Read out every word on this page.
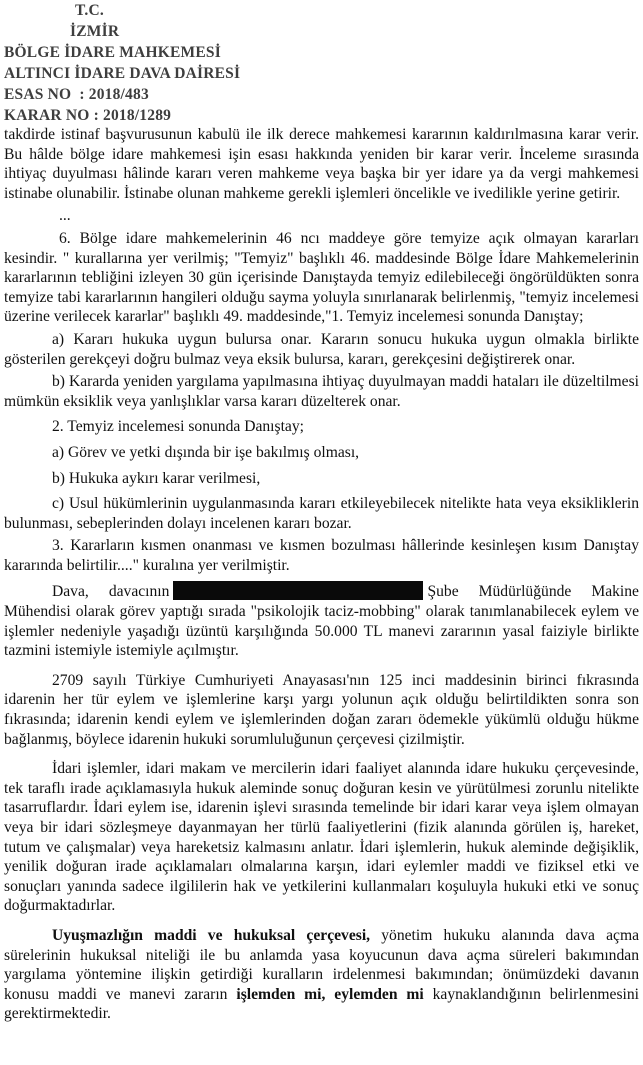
T.C.
İZMİR
BÖLGE İDARE MAHKEMESİ
ALTINCI İDARE DAVA DAİRESİ
ESAS NO : 2018/483
KARAR NO : 2018/1289

takdirde istinaf başvurusunun kabulü ile ilk derece mahkemesi kararının kaldırılmasına karar verir. Bu hâlde bölge idare mahkemesi işin esası hakkında yeniden bir karar verir. İnceleme sırasında ihtiyaç duyulması hâlinde kararı veren mahkeme veya başka bir yer idare ya da vergi mahkemesi istinabe olunabilir. İstinabe olunan mahkeme gerekli işlemleri öncelikle ve ivedilikle yerine getirir.

...

6. Bölge idare mahkemelerinin 46 ncı maddeye göre temyize açık olmayan kararları kesindir. " kurallarına yer verilmiş; "Temyiz" başlıklı 46. maddesinde Bölge İdare Mahkemelerinin kararlarının tebliğini izleyen 30 gün içerisinde Danıştayda temyiz edilebileceği öngörüldükten sonra temyize tabi kararlarının hangileri olduğu sayma yoluyla sınırlanarak belirlenmiş, "temyiz incelemesi üzerine verilecek kararlar" başlıklı 49. maddesinde,"1. Temyiz incelemesi sonunda Danıştay;

a) Kararı hukuka uygun bulursa onar. Kararın sonucu hukuka uygun olmakla birlikte gösterilen gerekçeyi doğru bulmaz veya eksik bulursa, kararı, gerekçesini değiştirerek onar.

b) Kararda yeniden yargılama yapılmasına ihtiyaç duyulmayan maddi hataları ile düzeltilmesi mümkün eksiklik veya yanlışlıklar varsa kararı düzelterek onar.

2. Temyiz incelemesi sonunda Danıştay;

a) Görev ve yetki dışında bir işe bakılmış olması,

b) Hukuka aykırı karar verilmesi,

c) Usul hükümlerinin uygulanmasında kararı etkileyebilecek nitelikte hata veya eksikliklerin bulunması, sebeplerinden dolayı incelenen kararı bozar.

3. Kararların kısmen onanması ve kısmen bozulması hâllerinde kesinleşen kısım Danıştay kararında belirtilir...." kuralına yer verilmiştir.

Dava, davacının	Şube Müdürlüğünde Makine Mühendisi olarak görev yaptığı sırada "psikolojik taciz-mobbing" olarak tanımlanabilecek eylem ve işlemler nedeniyle yaşadığı üzüntü karşılığında 50.000 TL manevi zararının yasal faiziyle birlikte tazmini istemiyle istemiyle açılmıştır.

2709 sayılı Türkiye Cumhuriyeti Anayasası'nın 125 inci maddesinin birinci fıkrasında idarenin her tür eylem ve işlemlerine karşı yargı yolunun açık olduğu belirtildikten sonra son fıkrasında; idarenin kendi eylem ve işlemlerinden doğan zararı ödemekle yükümlü olduğu hükme bağlanmış, böylece idarenin hukuki sorumluluğunun çerçevesi çizilmiştir.

İdari işlemler, idari makam ve mercilerin idari faaliyet alanında idare hukuku çerçevesinde, tek taraflı irade açıklamasıyla hukuk aleminde sonuç doğuran kesin ve yürütülmesi zorunlu nitelikte tasarruflardır. İdari eylem ise, idarenin işlevi sırasında temelinde bir idari karar veya işlem olmayan veya bir idari sözleşmeye dayanmayan her türlü faaliyetlerini (fizik alanında görülen iş, hareket, tutum ve çalışmalar) veya hareketsiz kalmasını anlatır. İdari işlemlerin, hukuk aleminde değişiklik, yenilik doğuran irade açıklamaları olmalarına karşın, idari eylemler maddi ve fiziksel etki ve sonuçları yanında sadece ilgililerin hak ve yetkilerini kullanmaları koşuluyla hukuki etki ve sonuç doğurmaktadırlar.

Uyuşmazlığın maddi ve hukuksal çerçevesi, yönetim hukuku alanında dava açma sürelerinin hukuksal niteliği ile bu anlamda yasa koyucunun dava açma süreleri bakımından yargılama yöntemine ilişkin getirdiği kuralların irdelenmesi bakımından; önümüzdeki davanın konusu maddi ve manevi zararın işlemden mi, eylemden mi kaynaklandığının belirlenmesini gerektirmektedir.
